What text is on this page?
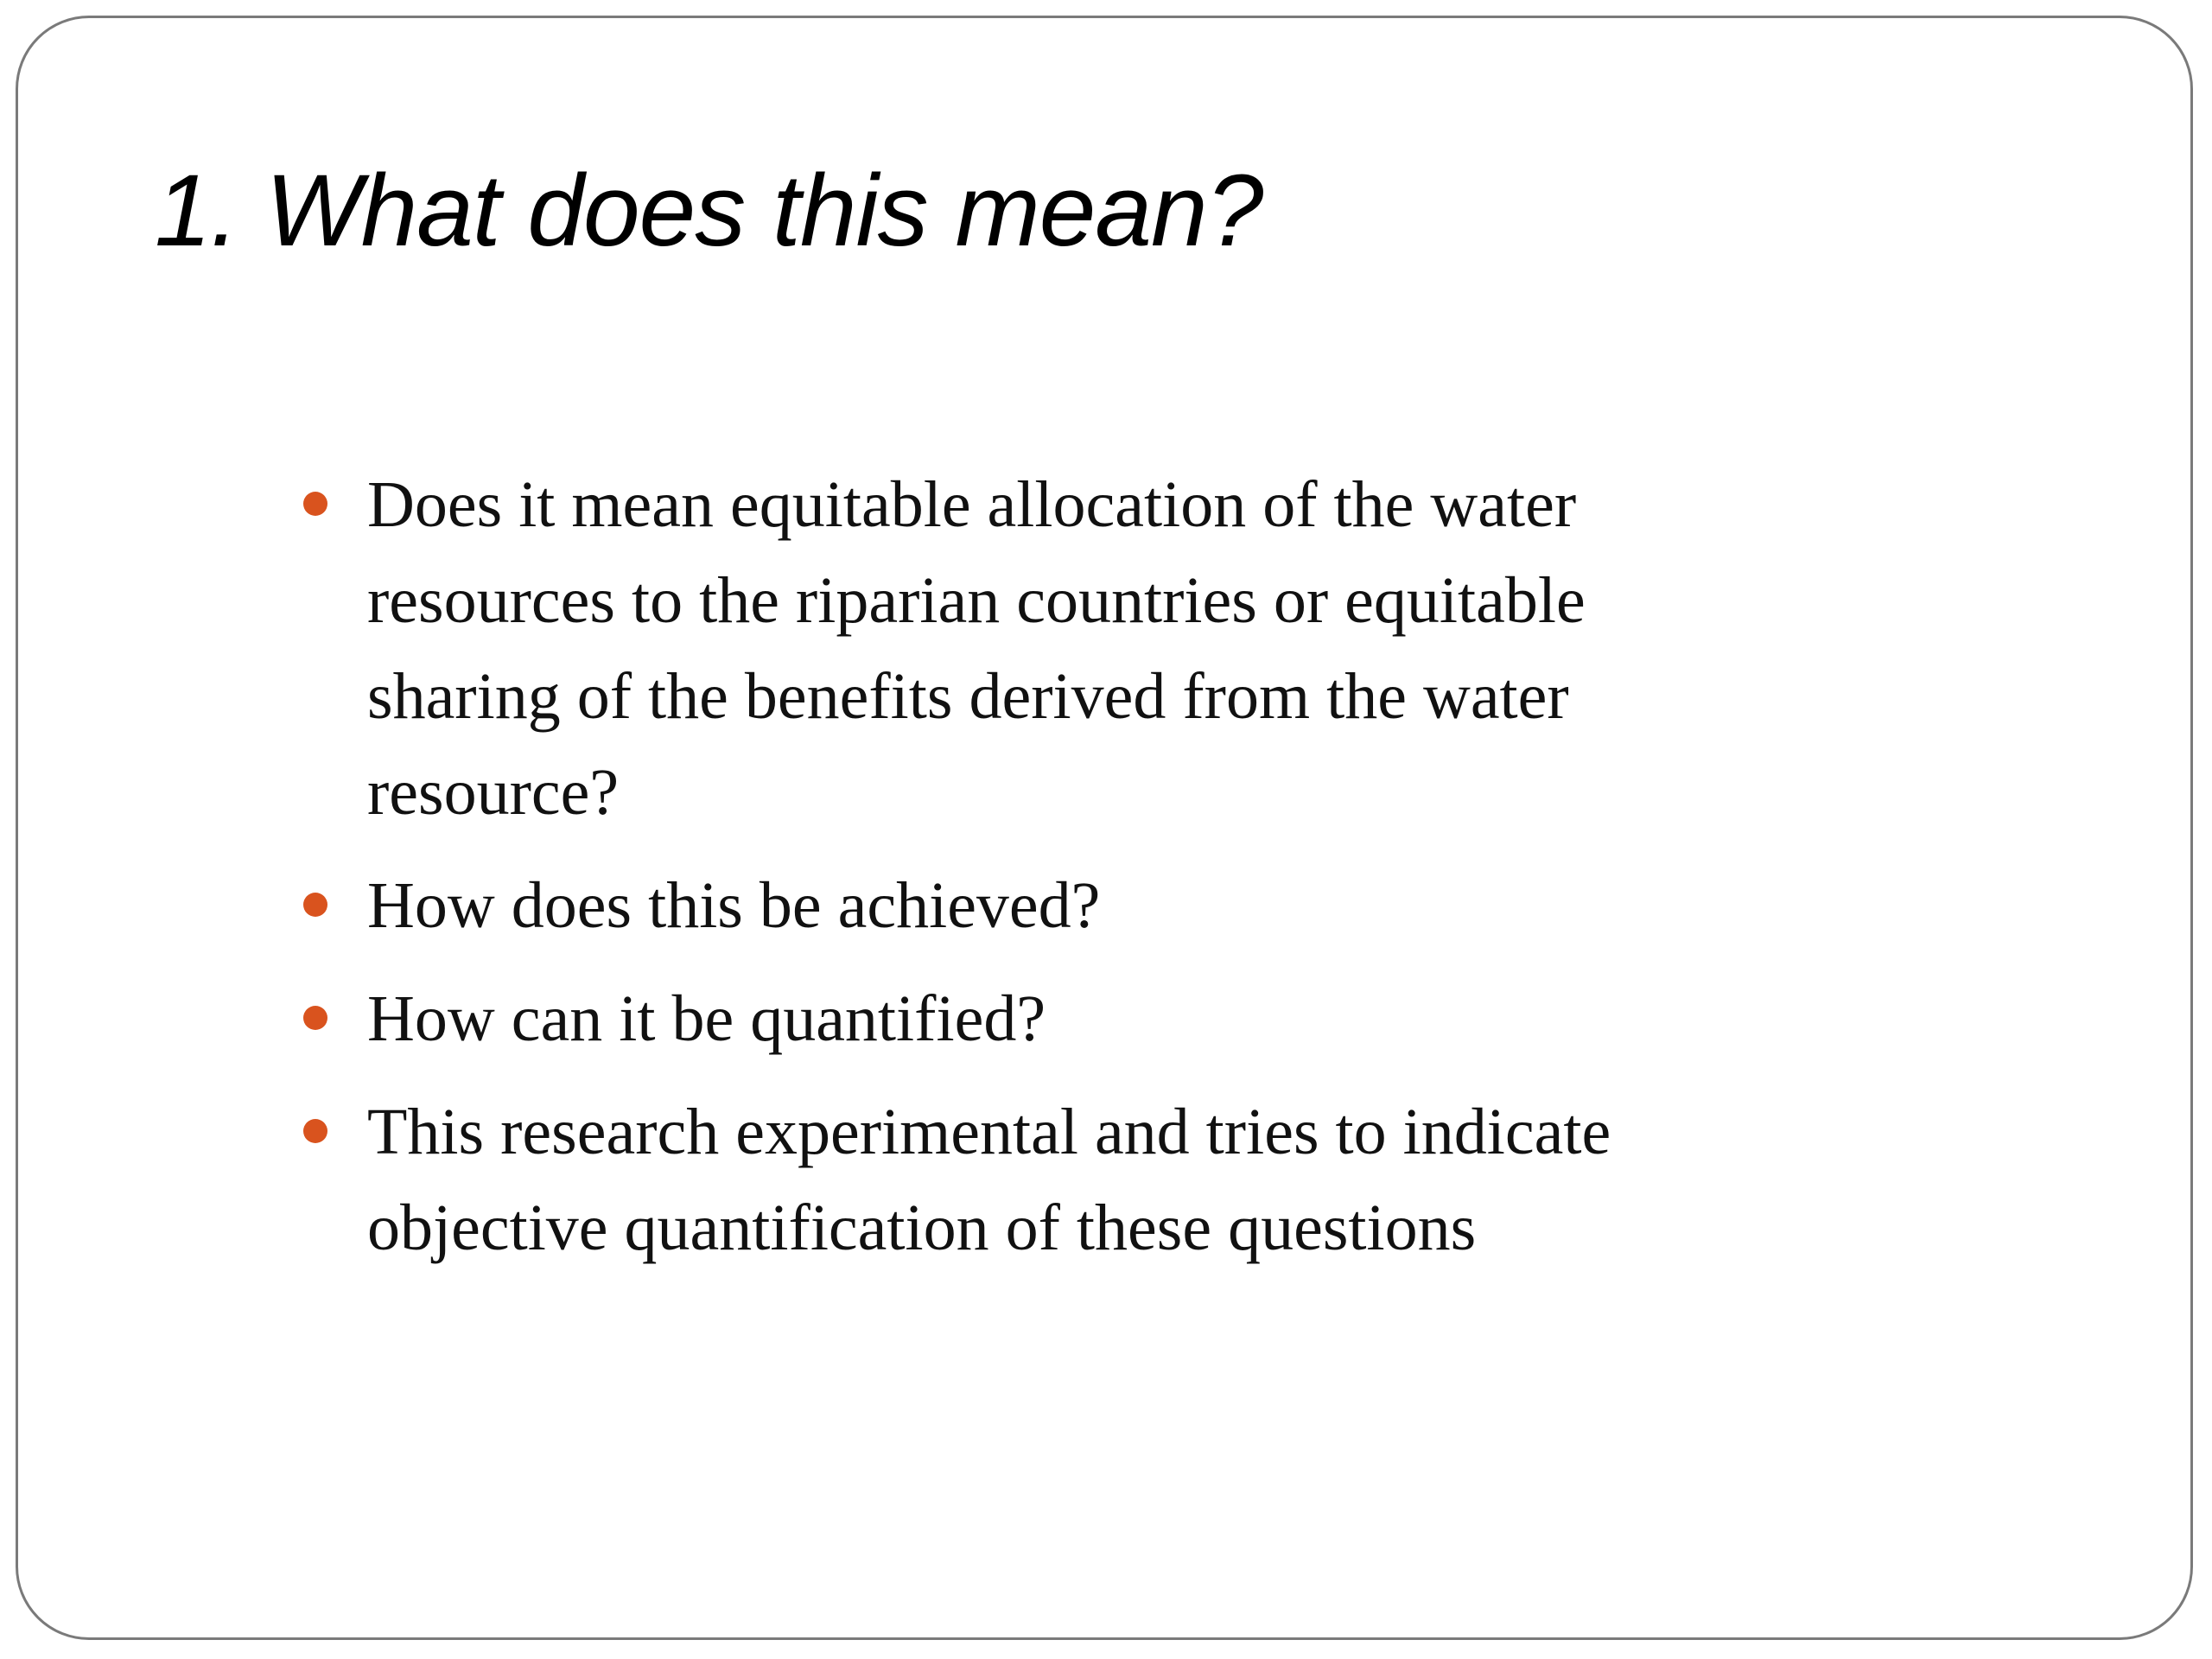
1. What does this mean?
Does it mean equitable allocation of the water resources to the riparian countries or equitable sharing of the benefits derived from the water resource?
How does this be achieved?
How can it be quantified?
This research experimental and tries to indicate objective quantification of these questions
